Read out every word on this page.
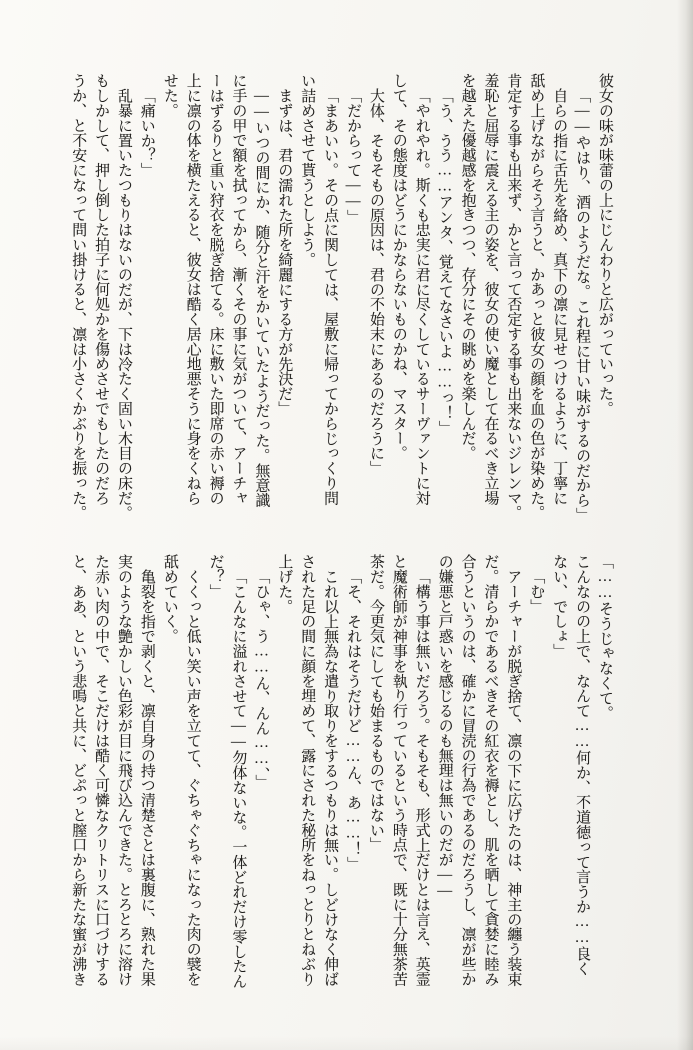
彼女の味が味蕾の上にじんわりと広がっていった。

「――やはり、酒のようだな。これ程に甘い味がするのだから」

自らの指に舌先を絡め、真下の凛に見せつけるように、丁寧に

舐め上げながらそう言うと、かあっと彼女の顔を血の色が染めた。

肯定する事も出来ず、かと言って否定する事も出来ないジレンマ。

羞恥と屈辱に震える主の姿を、彼女の使い魔として在るべき立場

を越えた優越感を抱きつつ、存分にその眺めを楽しんだ。

「う、うう……アンタ、覚えてなさいよ……っ！」

「やれやれ。斯くも忠実に君に尽くしているサーヴァントに対

して、その態度はどうにかならないものかね、マスター。

大体、そもそもの原因は、君の不始末にあるのだろうに」

「だからって――」

「まあいい。その点に関しては、屋敷に帰ってからじっくり問

い詰めさせて貰うとしよう。

まずは、君の濡れた所を綺麗にする方が先決だ」

――いつの間にか、随分と汗をかいていたようだった。無意識

に手の甲で額を拭ってから、漸くその事に気がついて、アーチャ

ーはずるりと重い狩衣を脱ぎ捨てる。床に敷いた即席の赤い褥の

上に凛の体を横たえると、彼女は酷く居心地悪そうに身をくねら

せた。

「痛いか？」

乱暴に置いたつもりはないのだが、下は冷たく固い木目の床だ。

もしかして、押し倒した拍子に何処かを傷めさせでもしたのだろ

うか、と不安になって問い掛けると、凛は小さくかぶりを振った。

「……そうじゃなくて。

こんなのの上で、なんて……何か、不道徳って言うか……良く

ない、でしょ」

「む」

アーチャーが脱ぎ捨て、凛の下に広げたのは、神主の纏う装束

だ。清らかであるべきその紅衣を褥とし、肌を晒して貪婪に睦み

合うというのは、確かに冒涜の行為であるのだろうし、凛が些か

の嫌悪と戸惑いを感じるのも無理は無いのだが――

「構う事は無いだろう。そもそも、形式上だけとは言え、英霊

と魔術師が神事を執り行っているという時点で、既に十分無茶苦

茶だ。今更気にしても始まるものではない」

「そ、それはそうだけど……ん、あ……！」

これ以上無為な遣り取りをするつもりは無い。しどけなく伸ば

された足の間に顔を埋めて、露にされた秘所をねっとりとねぶり

上げた。

「ひゃ、う……ん、んん……、」

「こんなに溢れさせて――勿体ないな。一体どれだけ零したん

だ？」

くくっと低い笑い声を立てて、ぐちゃぐちゃになった肉の襞を

舐めていく。

亀裂を指で剥くと、凛自身の持つ清楚さとは裏腹に、熟れた果

実のような艶かしい色彩が目に飛び込んできた。とろとろに溶け

た赤い肉の中で、そこだけは酷く可憐なクリトリスに口づけする

と、ああ、という悲鳴と共に、どぷっと膣口から新たな蜜が沸き
